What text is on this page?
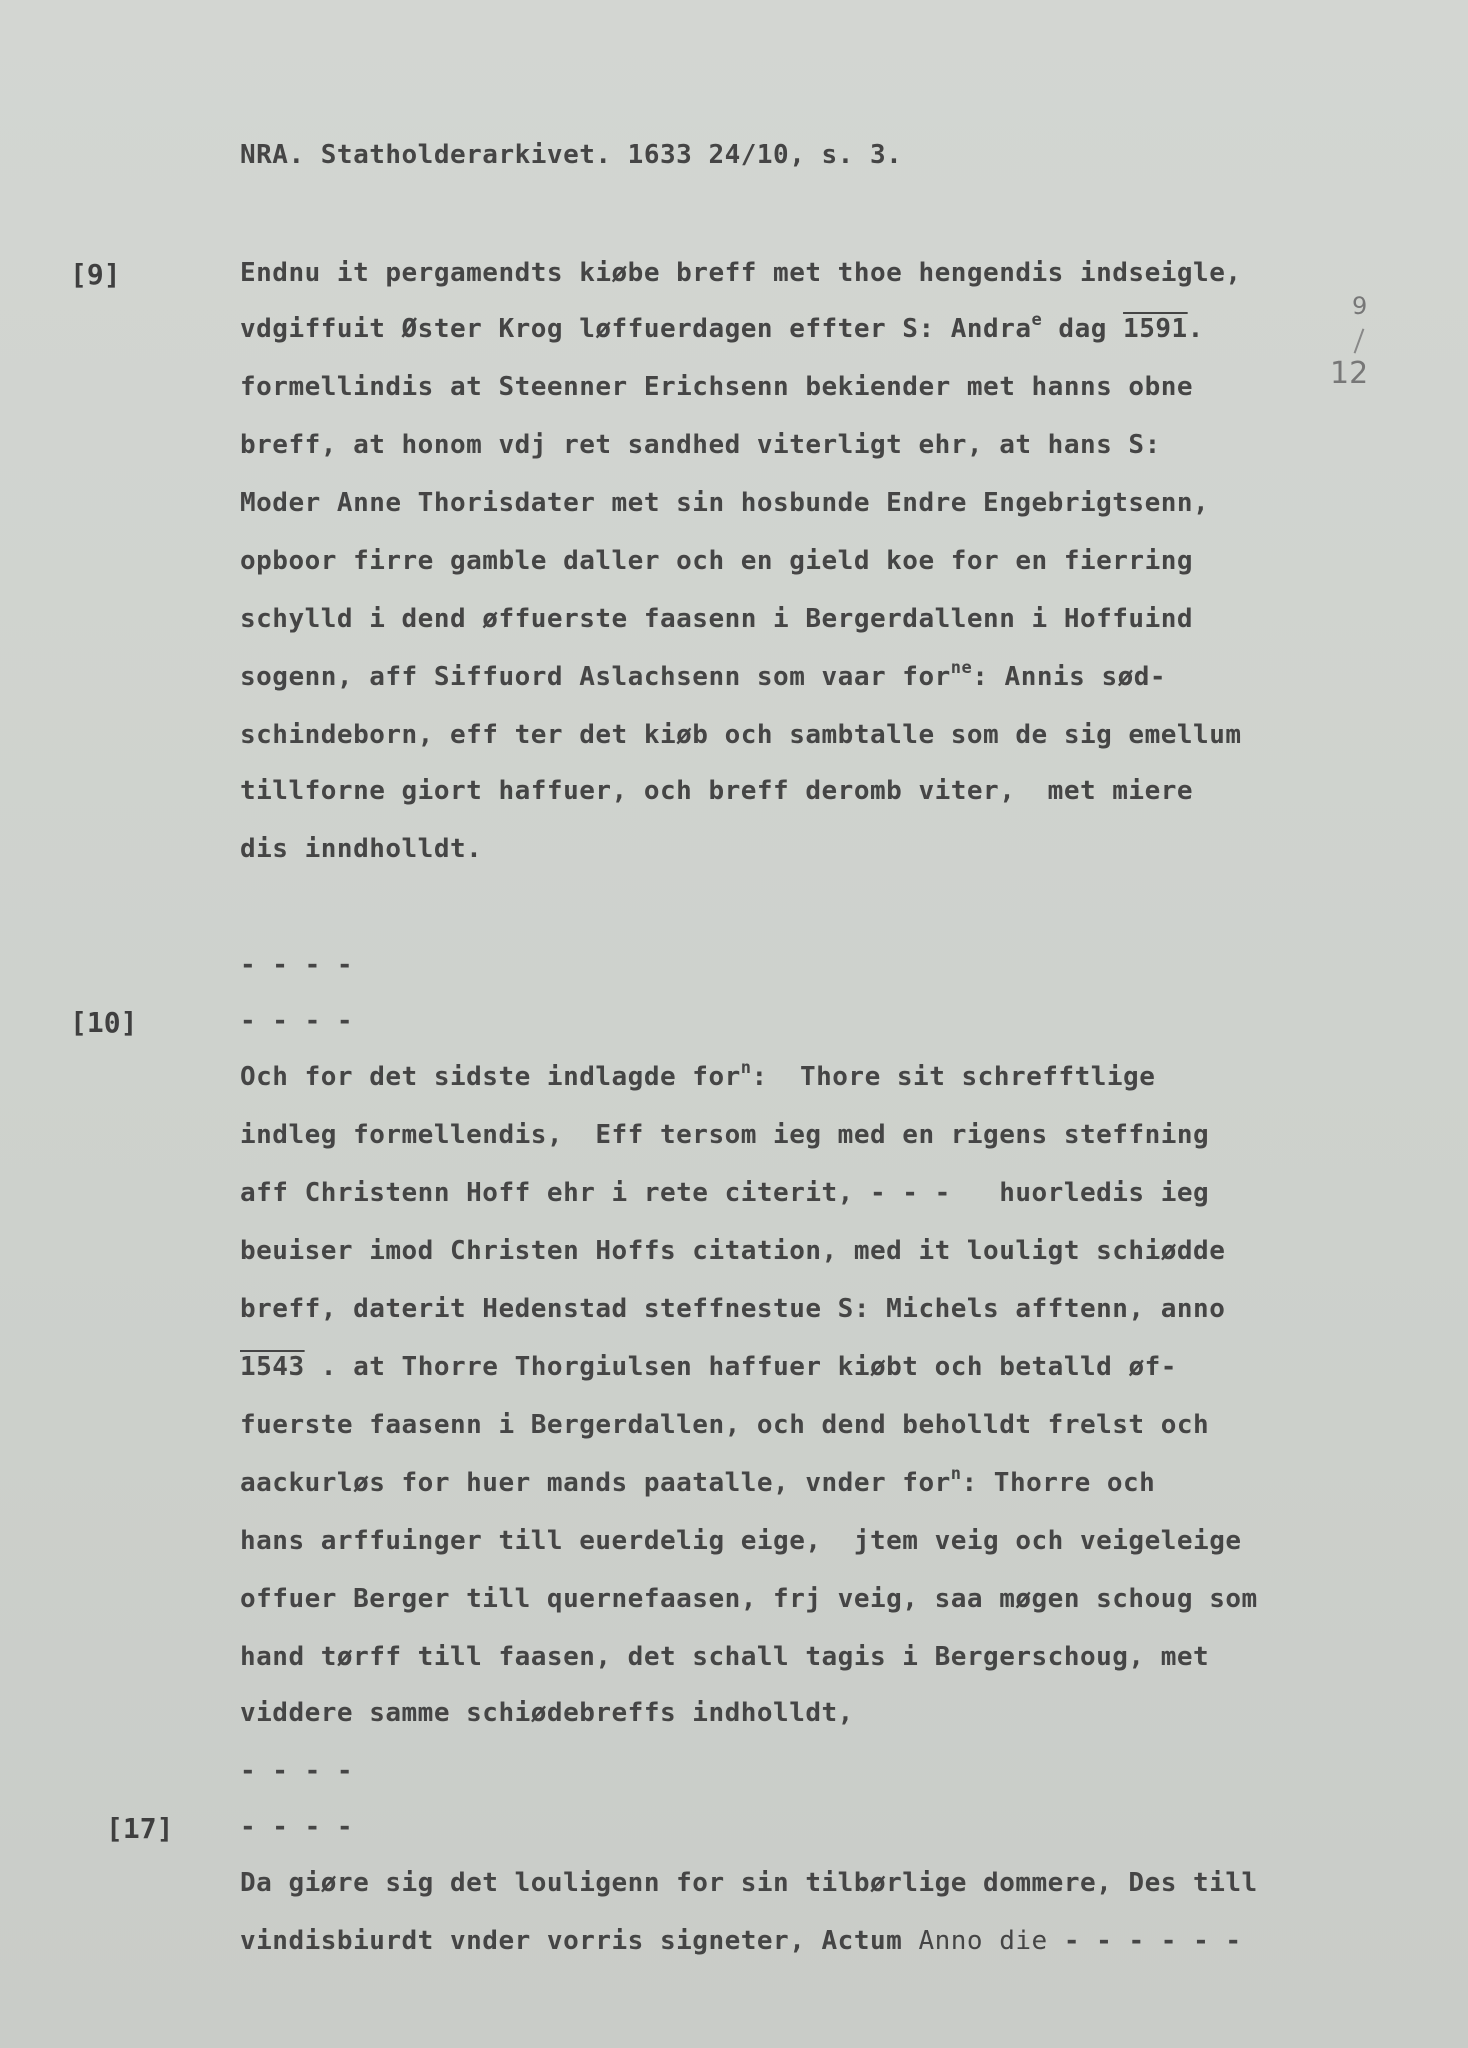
NRA. Statholderarkivet. 1633 24/10, s. 3.
9
12
[9]	Endnu it pergamendts kiøbe breff met thoe hengendis indseigle,
vdgiffuit Øster Krog løffuerdagen effter S: Andra$^e$ dag 1591.
formellindis at Steenner Erichsenn bekiender met hanns obne
breff, at honom vdj ret sandhed viterligt ehr, at hans S:
Moder Anne Thorisdater met sin hosbunde Endre Engebrigtsenn,
opboor firre gamble daller och en gield koe for en fierring
schylld i dend øffuerste faasenn i Bergerdallenn i Hoffuind
sogenn, aff Siffuord Aslachsenn som vaar for$^{ne}$: Annis sød-
schindeborn, eff ter det kiøb och sambtalle som de sig emellum
tillforne giort haffuer, och breff deromb viter,  met miere
dis inndholldt.
- - - -
[10]	- - - -
Och for det sidste indlagde for$^n$:  Thore sit schrefftlige
indleg formellendis,  Eff tersom ieg med en rigens steffning
aff Christenn Hoff ehr i rete citerit, - - -   huorledis ieg
beuiser imod Christen Hoffs citation, med it louligt schiødde
breff, daterit Hedenstad steffnestue S: Michels afftenn, anno
1543 . at Thorre Thorgiulsen haffuer kiøbt och betalld øf-
fuerste faasenn i Bergerdallen, och dend beholldt frelst och
aackurløs for huer mands paatalle, vnder for$^n$: Thorre och
hans arffuinger till euerdelig eige,  jtem veig och veigeleige
offuer Berger till quernefaasen, frj veig, saa møgen schoug som
hand tørff till faasen, det schall tagis i Bergerschoug, met
viddere samme schiødebreffs indholldt,
- - - -
[17]	- - - -
Da giøre sig det louligenn for sin tilbørlige dommere, Des till
vindisbiurdt vnder vorris signeter, Actum Anno die - - - - - -
